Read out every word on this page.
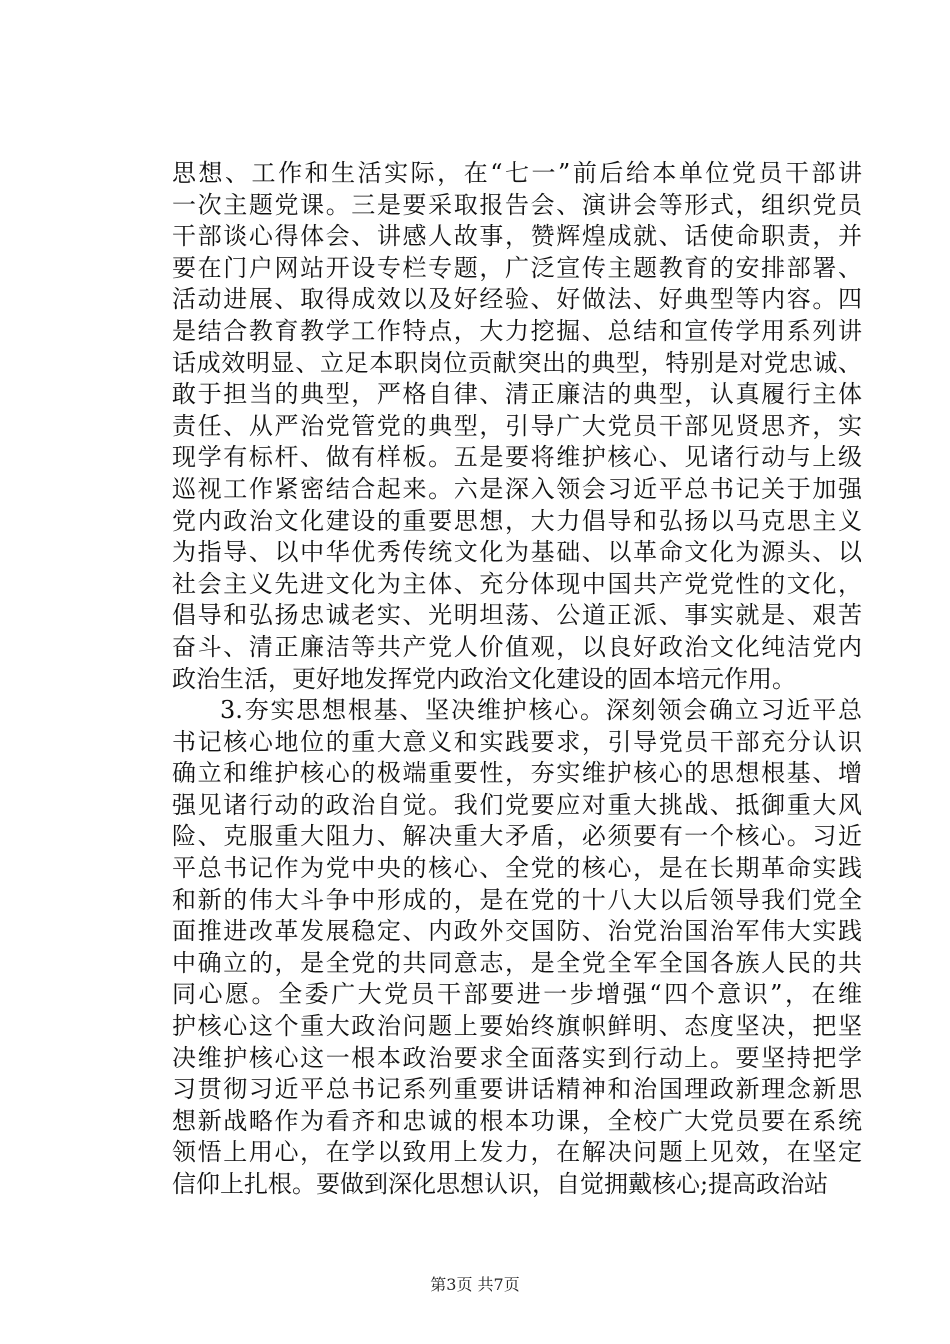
思想、工作和生活实际，在“七一”前后给本单位党员干部讲
一次主题党课。三是要采取报告会、演讲会等形式，组织党员
干部谈心得体会、讲感人故事，赞辉煌成就、话使命职责，并
要在门户网站开设专栏专题，广泛宣传主题教育的安排部署、
活动进展、取得成效以及好经验、好做法、好典型等内容。四
是结合教育教学工作特点，大力挖掘、总结和宣传学用系列讲
话成效明显、立足本职岗位贡献突出的典型，特别是对党忠诚、
敢于担当的典型，严格自律、清正廉洁的典型，认真履行主体
责任、从严治党管党的典型，引导广大党员干部见贤思齐，实
现学有标杆、做有样板。五是要将维护核心、见诸行动与上级
巡视工作紧密结合起来。六是深入领会习近平总书记关于加强
党内政治文化建设的重要思想，大力倡导和弘扬以马克思主义
为指导、以中华优秀传统文化为基础、以革命文化为源头、以
社会主义先进文化为主体、充分体现中国共产党党性的文化，
倡导和弘扬忠诚老实、光明坦荡、公道正派、事实就是、艰苦
奋斗、清正廉洁等共产党人价值观，以良好政治文化纯洁党内
政治生活，更好地发挥党内政治文化建设的固本培元作用。
3.夯实思想根基、坚决维护核心。深刻领会确立习近平总
书记核心地位的重大意义和实践要求，引导党员干部充分认识
确立和维护核心的极端重要性，夯实维护核心的思想根基、增
强见诸行动的政治自觉。我们党要应对重大挑战、抵御重大风
险、克服重大阻力、解决重大矛盾，必须要有一个核心。习近
平总书记作为党中央的核心、全党的核心，是在长期革命实践
和新的伟大斗争中形成的，是在党的十八大以后领导我们党全
面推进改革发展稳定、内政外交国防、治党治国治军伟大实践
中确立的，是全党的共同意志，是全党全军全国各族人民的共
同心愿。全委广大党员干部要进一步增强“四个意识”，在维
护核心这个重大政治问题上要始终旗帜鲜明、态度坚决，把坚
决维护核心这一根本政治要求全面落实到行动上。要坚持把学
习贯彻习近平总书记系列重要讲话精神和治国理政新理念新思
想新战略作为看齐和忠诚的根本功课，全校广大党员要在系统
领悟上用心，在学以致用上发力，在解决问题上见效，在坚定
信仰上扎根。要做到深化思想认识，自觉拥戴核心;提高政治站
第3页 共7页
